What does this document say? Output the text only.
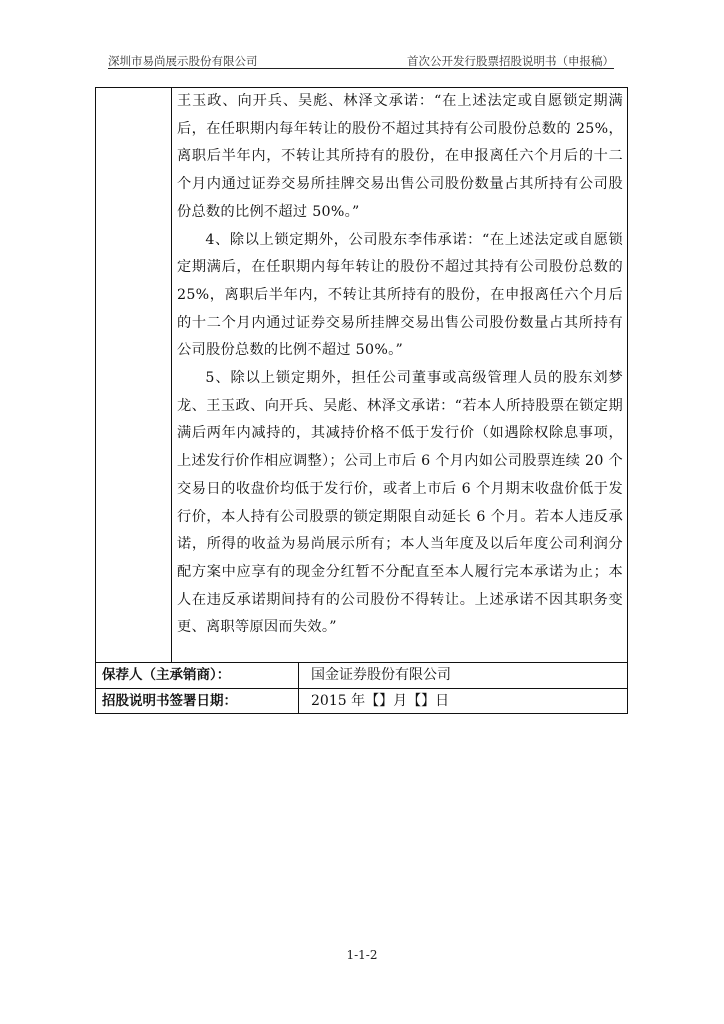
深圳市易尚展示股份有限公司	首次公开发行股票招股说明书（申报稿）

王玉政、向开兵、吴彪、林泽文承诺：“在上述法定或自愿锁定期满后，在任职期内每年转让的股份不超过其持有公司股份总数的 25%，离职后半年内，不转让其所持有的股份，在申报离任六个月后的十二个月内通过证券交易所挂牌交易出售公司股份数量占其所持有公司股份总数的比例不超过 50%。”

4、除以上锁定期外，公司股东李伟承诺：“在上述法定或自愿锁定期满后，在任职期内每年转让的股份不超过其持有公司股份总数的25%，离职后半年内，不转让其所持有的股份，在申报离任六个月后的十二个月内通过证券交易所挂牌交易出售公司股份数量占其所持有公司股份总数的比例不超过 50%。”

5、除以上锁定期外，担任公司董事或高级管理人员的股东刘梦龙、王玉政、向开兵、吴彪、林泽文承诺：“若本人所持股票在锁定期满后两年内减持的，其减持价格不低于发行价（如遇除权除息事项，上述发行价作相应调整）；公司上市后 6 个月内如公司股票连续 20 个交易日的收盘价均低于发行价，或者上市后 6 个月期末收盘价低于发行价，本人持有公司股票的锁定期限自动延长 6 个月。若本人违反承诺，所得的收益为易尚展示所有；本人当年度及以后年度公司利润分配方案中应享有的现金分红暂不分配直至本人履行完本承诺为止；本人在违反承诺期间持有的公司股份不得转让。上述承诺不因其职务变更、离职等原因而失效。”

保荐人（主承销商）：	国金证券股份有限公司
招股说明书签署日期：	2015 年【】月【】日
1-1-2
